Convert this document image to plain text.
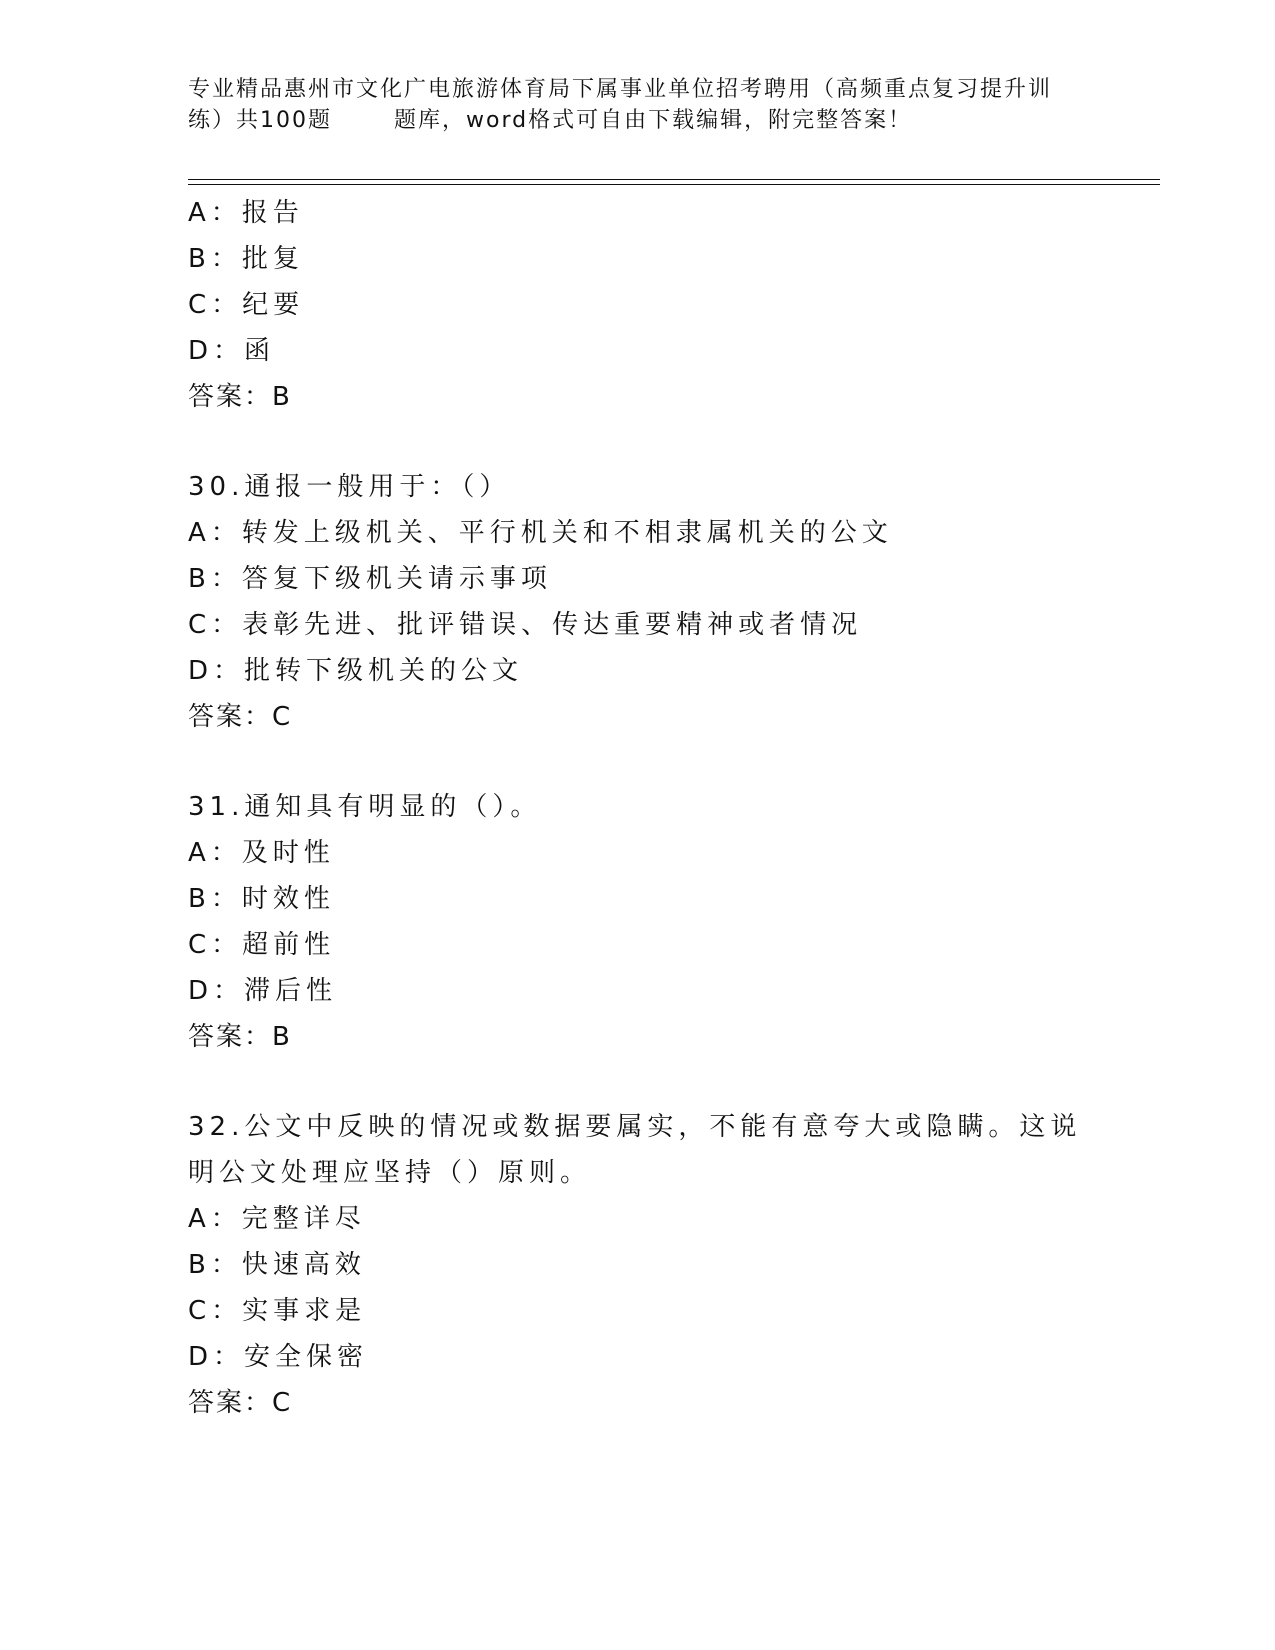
专业精品惠州市文化广电旅游体育局下属事业单位招考聘用（高频重点复习提升训
练）共100题	题库，word格式可自由下载编辑，附完整答案！
A：报告
B：批复
C：纪要
D：函
答案：B
30.通报一般用于：（）
A：转发上级机关、平行机关和不相隶属机关的公文
B：答复下级机关请示事项
C：表彰先进、批评错误、传达重要精神或者情况
D：批转下级机关的公文
答案：C
31.通知具有明显的（）。
A：及时性
B：时效性
C：超前性
D：滞后性
答案：B
32.公文中反映的情况或数据要属实，不能有意夸大或隐瞒。这说明公文处理应坚持（）原则。
A：完整详尽
B：快速高效
C：实事求是
D：安全保密
答案：C
